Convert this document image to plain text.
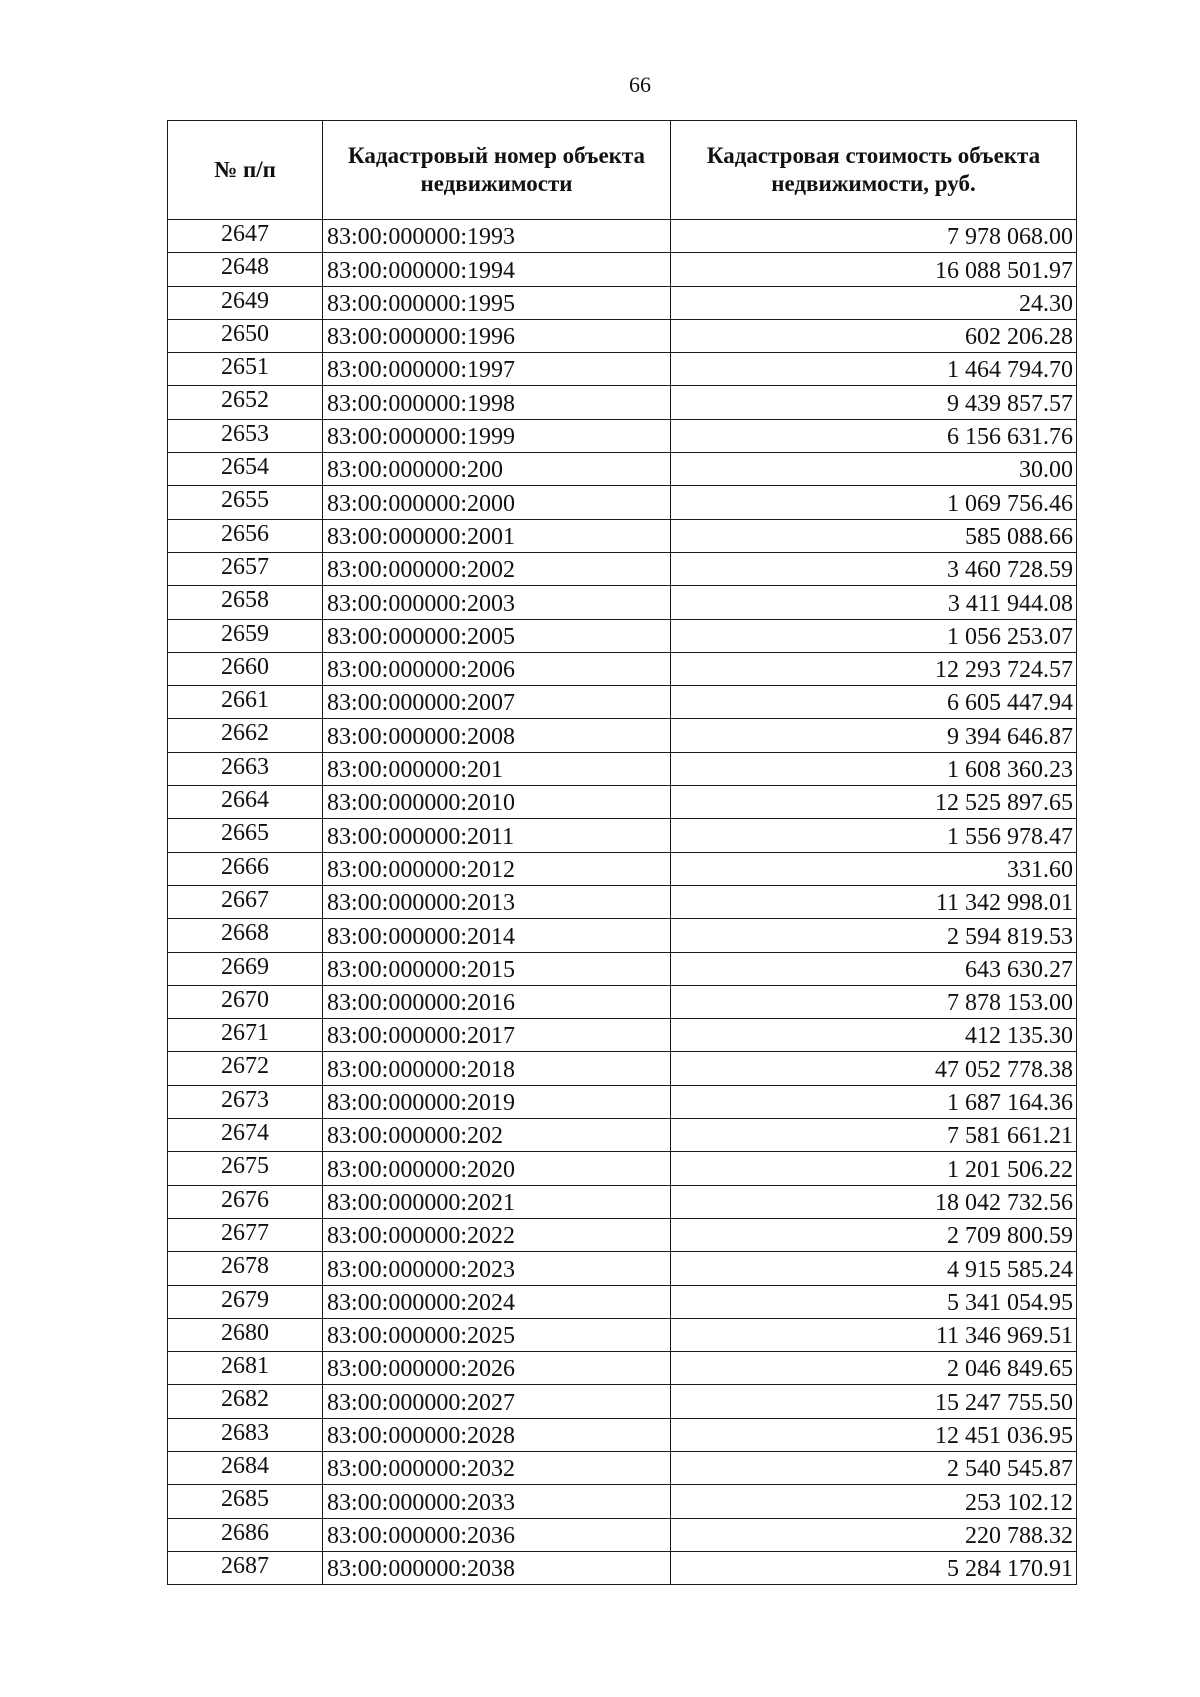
66
№ п/п	Кадастровый номер объекта недвижимости	Кадастровая стоимость объекта недвижимости, руб.
2647	83:00:000000:1993	7 978 068.00
2648	83:00:000000:1994	16 088 501.97
2649	83:00:000000:1995	24.30
2650	83:00:000000:1996	602 206.28
2651	83:00:000000:1997	1 464 794.70
2652	83:00:000000:1998	9 439 857.57
2653	83:00:000000:1999	6 156 631.76
2654	83:00:000000:200	30.00
2655	83:00:000000:2000	1 069 756.46
2656	83:00:000000:2001	585 088.66
2657	83:00:000000:2002	3 460 728.59
2658	83:00:000000:2003	3 411 944.08
2659	83:00:000000:2005	1 056 253.07
2660	83:00:000000:2006	12 293 724.57
2661	83:00:000000:2007	6 605 447.94
2662	83:00:000000:2008	9 394 646.87
2663	83:00:000000:201	1 608 360.23
2664	83:00:000000:2010	12 525 897.65
2665	83:00:000000:2011	1 556 978.47
2666	83:00:000000:2012	331.60
2667	83:00:000000:2013	11 342 998.01
2668	83:00:000000:2014	2 594 819.53
2669	83:00:000000:2015	643 630.27
2670	83:00:000000:2016	7 878 153.00
2671	83:00:000000:2017	412 135.30
2672	83:00:000000:2018	47 052 778.38
2673	83:00:000000:2019	1 687 164.36
2674	83:00:000000:202	7 581 661.21
2675	83:00:000000:2020	1 201 506.22
2676	83:00:000000:2021	18 042 732.56
2677	83:00:000000:2022	2 709 800.59
2678	83:00:000000:2023	4 915 585.24
2679	83:00:000000:2024	5 341 054.95
2680	83:00:000000:2025	11 346 969.51
2681	83:00:000000:2026	2 046 849.65
2682	83:00:000000:2027	15 247 755.50
2683	83:00:000000:2028	12 451 036.95
2684	83:00:000000:2032	2 540 545.87
2685	83:00:000000:2033	253 102.12
2686	83:00:000000:2036	220 788.32
2687	83:00:000000:2038	5 284 170.91
